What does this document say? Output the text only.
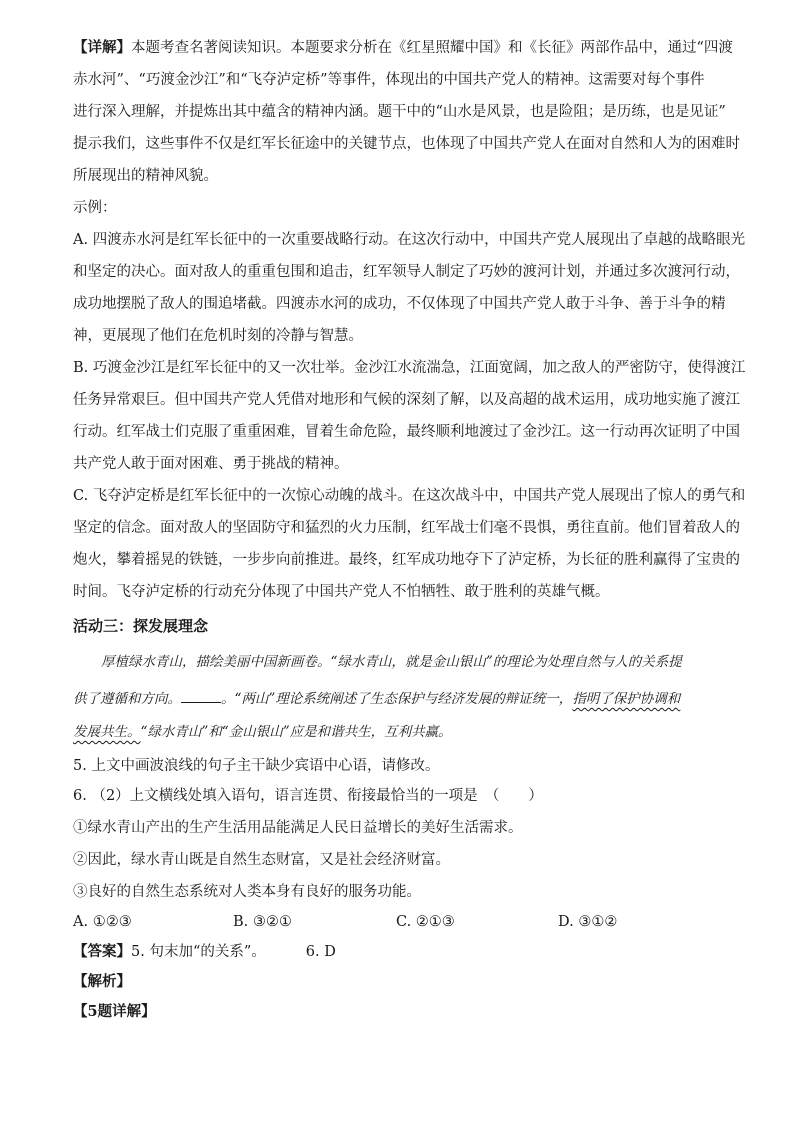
【详解】本题考查名著阅读知识。本题要求分析在《红星照耀中国》和《长征》两部作品中，通过“四渡
赤水河”、“巧渡金沙江”和“飞夺泸定桥”等事件，体现出的中国共产党人的精神。这需要对每个事件
进行深入理解，并提炼出其中蕴含的精神内涵。题干中的“山水是风景，也是险阻；是历练，也是见证”
提示我们，这些事件不仅是红军长征途中的关键节点，也体现了中国共产党人在面对自然和人为的困难时
所展现出的精神风貌。
示例：
A. 四渡赤水河是红军长征中的一次重要战略行动。在这次行动中，中国共产党人展现出了卓越的战略眼光
和坚定的决心。面对敌人的重重包围和追击，红军领导人制定了巧妙的渡河计划，并通过多次渡河行动，
成功地摆脱了敌人的围追堵截。四渡赤水河的成功，不仅体现了中国共产党人敢于斗争、善于斗争的精
神，更展现了他们在危机时刻的冷静与智慧。
B. 巧渡金沙江是红军长征中的又一次壮举。金沙江水流湍急，江面宽阔，加之敌人的严密防守，使得渡江
任务异常艰巨。但中国共产党人凭借对地形和气候的深刻了解，以及高超的战术运用，成功地实施了渡江
行动。红军战士们克服了重重困难，冒着生命危险，最终顺利地渡过了金沙江。这一行动再次证明了中国
共产党人敢于面对困难、勇于挑战的精神。
C. 飞夺泸定桥是红军长征中的一次惊心动魄的战斗。在这次战斗中，中国共产党人展现出了惊人的勇气和
坚定的信念。面对敌人的坚固防守和猛烈的火力压制，红军战士们毫不畏惧，勇往直前。他们冒着敌人的
炮火，攀着摇晃的铁链，一步步向前推进。最终，红军成功地夺下了泸定桥，为长征的胜利赢得了宝贵的
时间。飞夺泸定桥的行动充分体现了中国共产党人不怕牺牲、敢于胜利的英雄气概。
活动三：探发展理念
厚植绿水青山，描绘美丽中国新画卷。“绿水青山，就是金山银山”的理论为处理自然与人的关系提
供了遵循和方向。	。“两山”理论系统阐述了生态保护与经济发展的辩证统一，指明了保护协调和
发展共生。“绿水青山”和“金山银山”应是和谐共生，互利共赢。
5. 上文中画波浪线的句子主干缺少宾语中心语，请修改。
6. （2）上文横线处填入语句，语言连贯、衔接最恰当的一项是　（　　）
①绿水青山产出的生产生活用品能满足人民日益增长的美好生活需求。
②因此，绿水青山既是自然生态财富，又是社会经济财富。
③良好的自然生态系统对人类本身有良好的服务功能。
A. ①②③	B. ③②①	C. ②①③	D. ③①②
【答案】5. 句末加“的关系”。	6. D
【解析】
【5题详解】
